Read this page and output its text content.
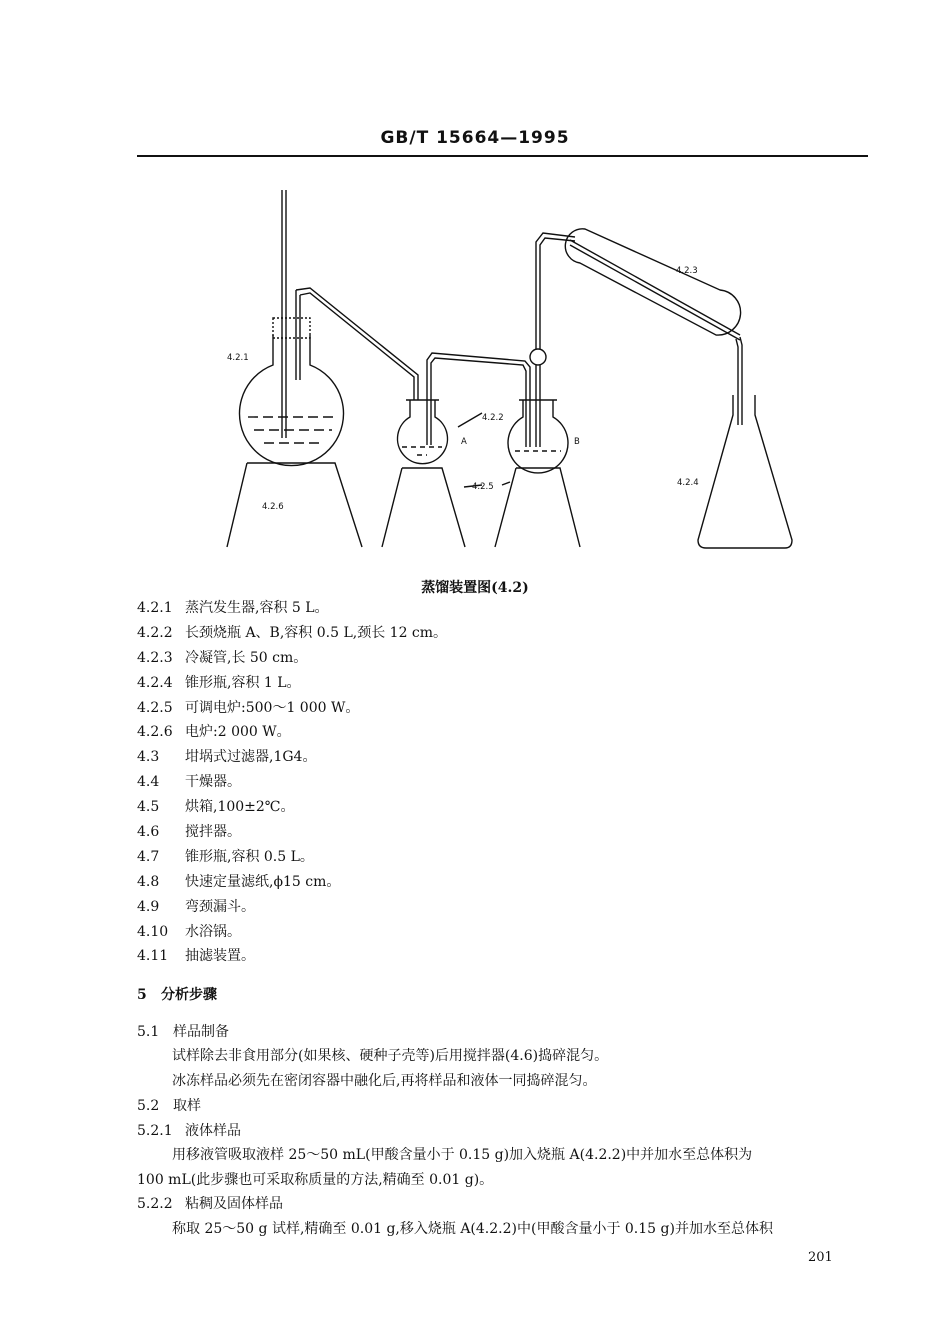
GB/T 15664—1995
4.2.1
4.2.2
4.2.3
4.2.4
4.2.5
4.2.6
A	B
蒸馏装置图(4.2)
4.2.1 蒸汽发生器,容积 5 L。
4.2.2 长颈烧瓶 A、B,容积 0.5 L,颈长 12 cm。
4.2.3 冷凝管,长 50 cm。
4.2.4 锥形瓶,容积 1 L。
4.2.5 可调电炉:500～1 000 W。
4.2.6 电炉:2 000 W。
4.3 坩埚式过滤器,1G4。
4.4 干燥器。
4.5 烘箱,100±2℃。
4.6 搅拌器。
4.7 锥形瓶,容积 0.5 L。
4.8 快速定量滤纸,ϕ15 cm。
4.9 弯颈漏斗。
4.10 水浴锅。
4.11 抽滤装置。
5 分析步骤
5.1 样品制备
试样除去非食用部分(如果核、硬种子壳等)后用搅拌器(4.6)捣碎混匀。
冰冻样品必须先在密闭容器中融化后,再将样品和液体一同捣碎混匀。
5.2 取样
5.2.1 液体样品
用移液管吸取液样 25～50 mL(甲酸含量小于 0.15 g)加入烧瓶 A(4.2.2)中并加水至总体积为
100 mL(此步骤也可采取称质量的方法,精确至 0.01 g)。
5.2.2 粘稠及固体样品
称取 25～50 g 试样,精确至 0.01 g,移入烧瓶 A(4.2.2)中(甲酸含量小于 0.15 g)并加水至总体积
201
